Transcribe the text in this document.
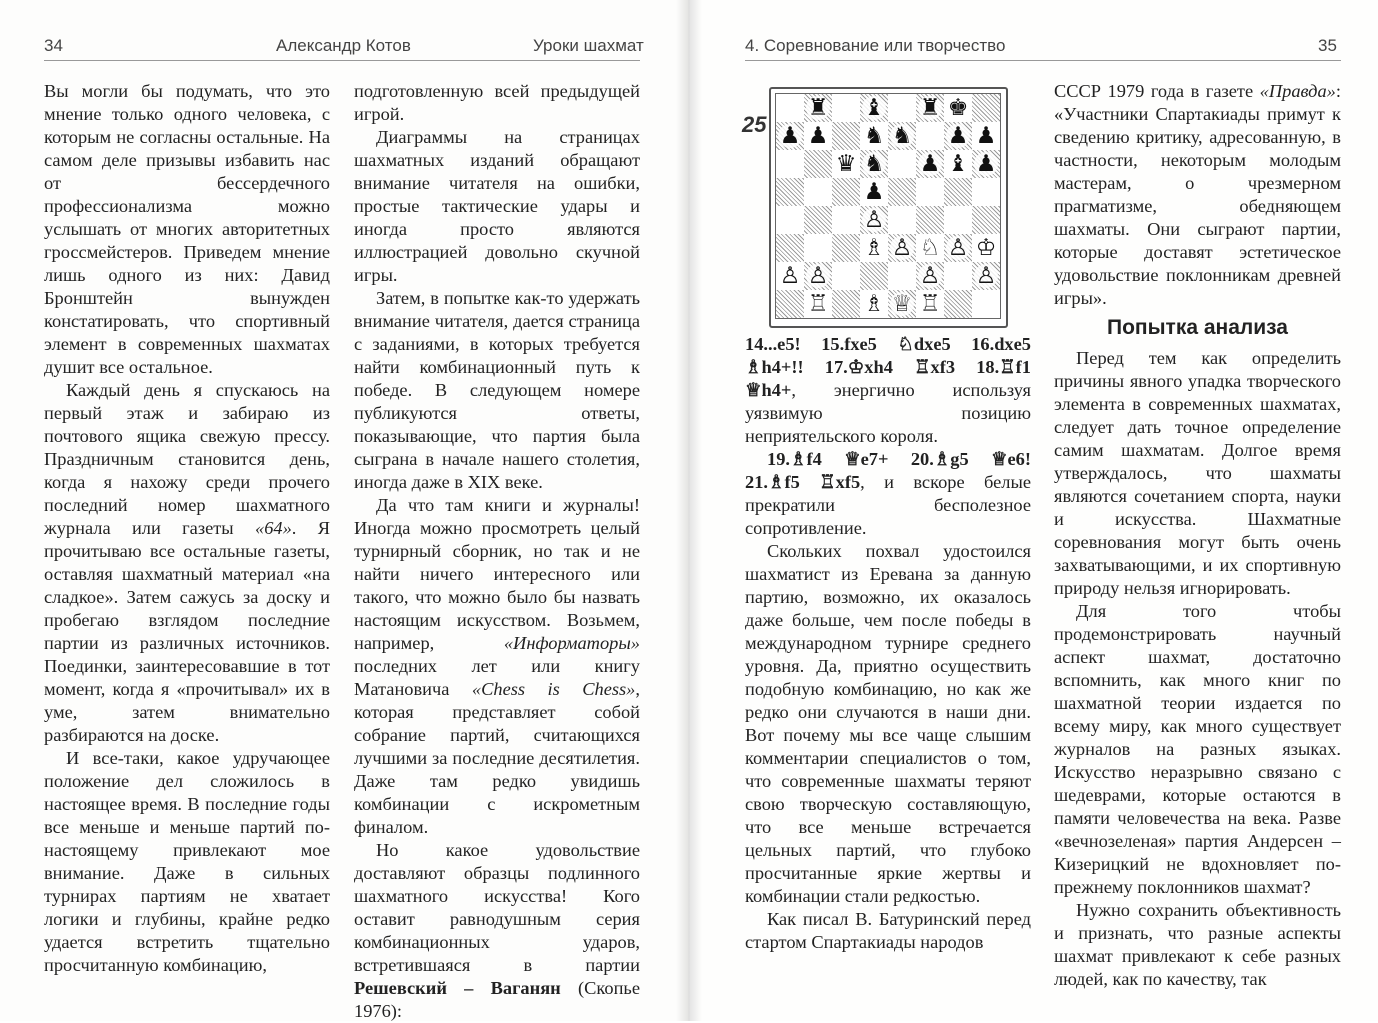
34	Александр Котов	Уроки шахмат	4. Соревнование или творчество	35

Вы могли бы подумать, что это мнение только одного человека, с которым не согласны остальные. На самом деле призывы избавить нас от бессердечного профессионализма можно услышать от многих авторитетных гроссмейстеров. Приведем мнение лишь одного из них: Давид Бронштейн вынужден констатировать, что спортивный элемент в современных шахматах душит все остальное.

Каждый день я спускаюсь на первый этаж и забираю из почтового ящика свежую прессу. Праздничным становится день, когда я нахожу среди прочего последний номер шахматного журнала или газеты «64». Я прочитываю все остальные газеты, оставляя шахматный материал «на сладкое». Затем сажусь за доску и пробегаю взглядом последние партии из различных источников. Поединки, заинтересовавшие в тот момент, когда я «прочитывал» их в уме, затем внимательно разбираются на доске.

И все-таки, какое удручающее положение дел сложилось в настоящее время. В последние годы все меньше и меньше партий по-настоящему привлекают мое внимание. Даже в сильных турнирах партиям не хватает логики и глубины, крайне редко удается встретить тщательно просчитанную комбинацию,

подготовленную всей предыдущей игрой.

Диаграммы на страницах шахматных изданий обращают внимание читателя на ошибки, простые тактические удары и иногда просто являются иллюстрацией довольно скучной игры.

Затем, в попытке как-то удержать внимание читателя, дается страница с заданиями, в которых требуется найти комбинационный путь к победе. В следующем номере публикуются ответы, показывающие, что партия была сыграна в начале нашего столетия, иногда даже в XIX веке.

Да что там книги и журналы! Иногда можно просмотреть целый турнирный сборник, но так и не найти ничего интересного или такого, что можно было бы назвать настоящим искусством. Возьмем, например,	«Информаторы» последних лет или книгу Матановича «Chess is Chess», которая представляет собой собрание партий, считающихся лучшими за последние десятилетия. Даже там редко увидишь комбинации с искрометным финалом.

Но какое удовольствие доставляют образцы подлинного шахматного искусства! Кого оставит равнодушным серия комбинационных ударов, встретившаяся в партии Решевский – Ваганян (Скопье 1976):

25
♜ ♝ ♜ ♚
♟ ♟ ♞ ♞ ♟ ♟
♛ ♞ ♟ ♝ ♟
♟
♙
♗ ♙ ♘ ♙ ♔
♙ ♙	♙ ♙
♖ ♗ ♕ ♖

14...e5! 15.fxe5 ♘dxe5 16.dxe5 ♗h4+!! 17.♔xh4 ♖xf3 18.♖f1 ♕h4+, энергично используя уязвимую позицию неприятельского короля.

19.♗f4 ♕e7+ 20.♗g5 ♕e6! 21.♗f5 ♖xf5, и вскоре белые прекратили бесполезное сопротивление.

Скольких похвал удостоился шахматист из Еревана за данную партию, возможно, их оказалось даже больше, чем после победы в международном турнире среднего уровня. Да, приятно осуществить подобную комбинацию, но как же редко они случаются в наши дни. Вот почему мы все чаще слышим комментарии специалистов о том, что современные шахматы теряют свою творческую составляющую, что все меньше встречается цельных партий, что глубоко просчитанные яркие жертвы и комбинации стали редкостью.

Как писал В. Батуринский перед стартом Спартакиады народов

СССР 1979 года в газете «Правда»: «Участники Спартакиады примут к сведению критику, адресованную, в частности, некоторым молодым мастерам, о чрезмерном прагматизме, обедняющем шахматы. Они сыграют партии, которые доставят эстетическое удовольствие поклонникам древней игры».

Попытка анализа

Перед тем как определить причины явного упадка творческого элемента в современных шахматах, следует дать точное определение самим шахматам. Долгое время утверждалось, что шахматы являются сочетанием спорта, науки и искусства. Шахматные соревнования могут быть очень захватывающими, и их спортивную природу нельзя игнорировать.

Для того чтобы продемонстрировать научный аспект шахмат, достаточно вспомнить, как много книг по шахматной теории издается по всему миру, как много существует журналов на разных языках. Искусство неразрывно связано с шедеврами, которые остаются в памяти человечества на века. Разве «вечнозеленая» партия Андерсен – Кизерицкий не вдохновляет по-прежнему поклонников шахмат?

Нужно сохранить объективность и признать, что разные аспекты шахмат привлекают к себе разных людей, как по качеству, так
